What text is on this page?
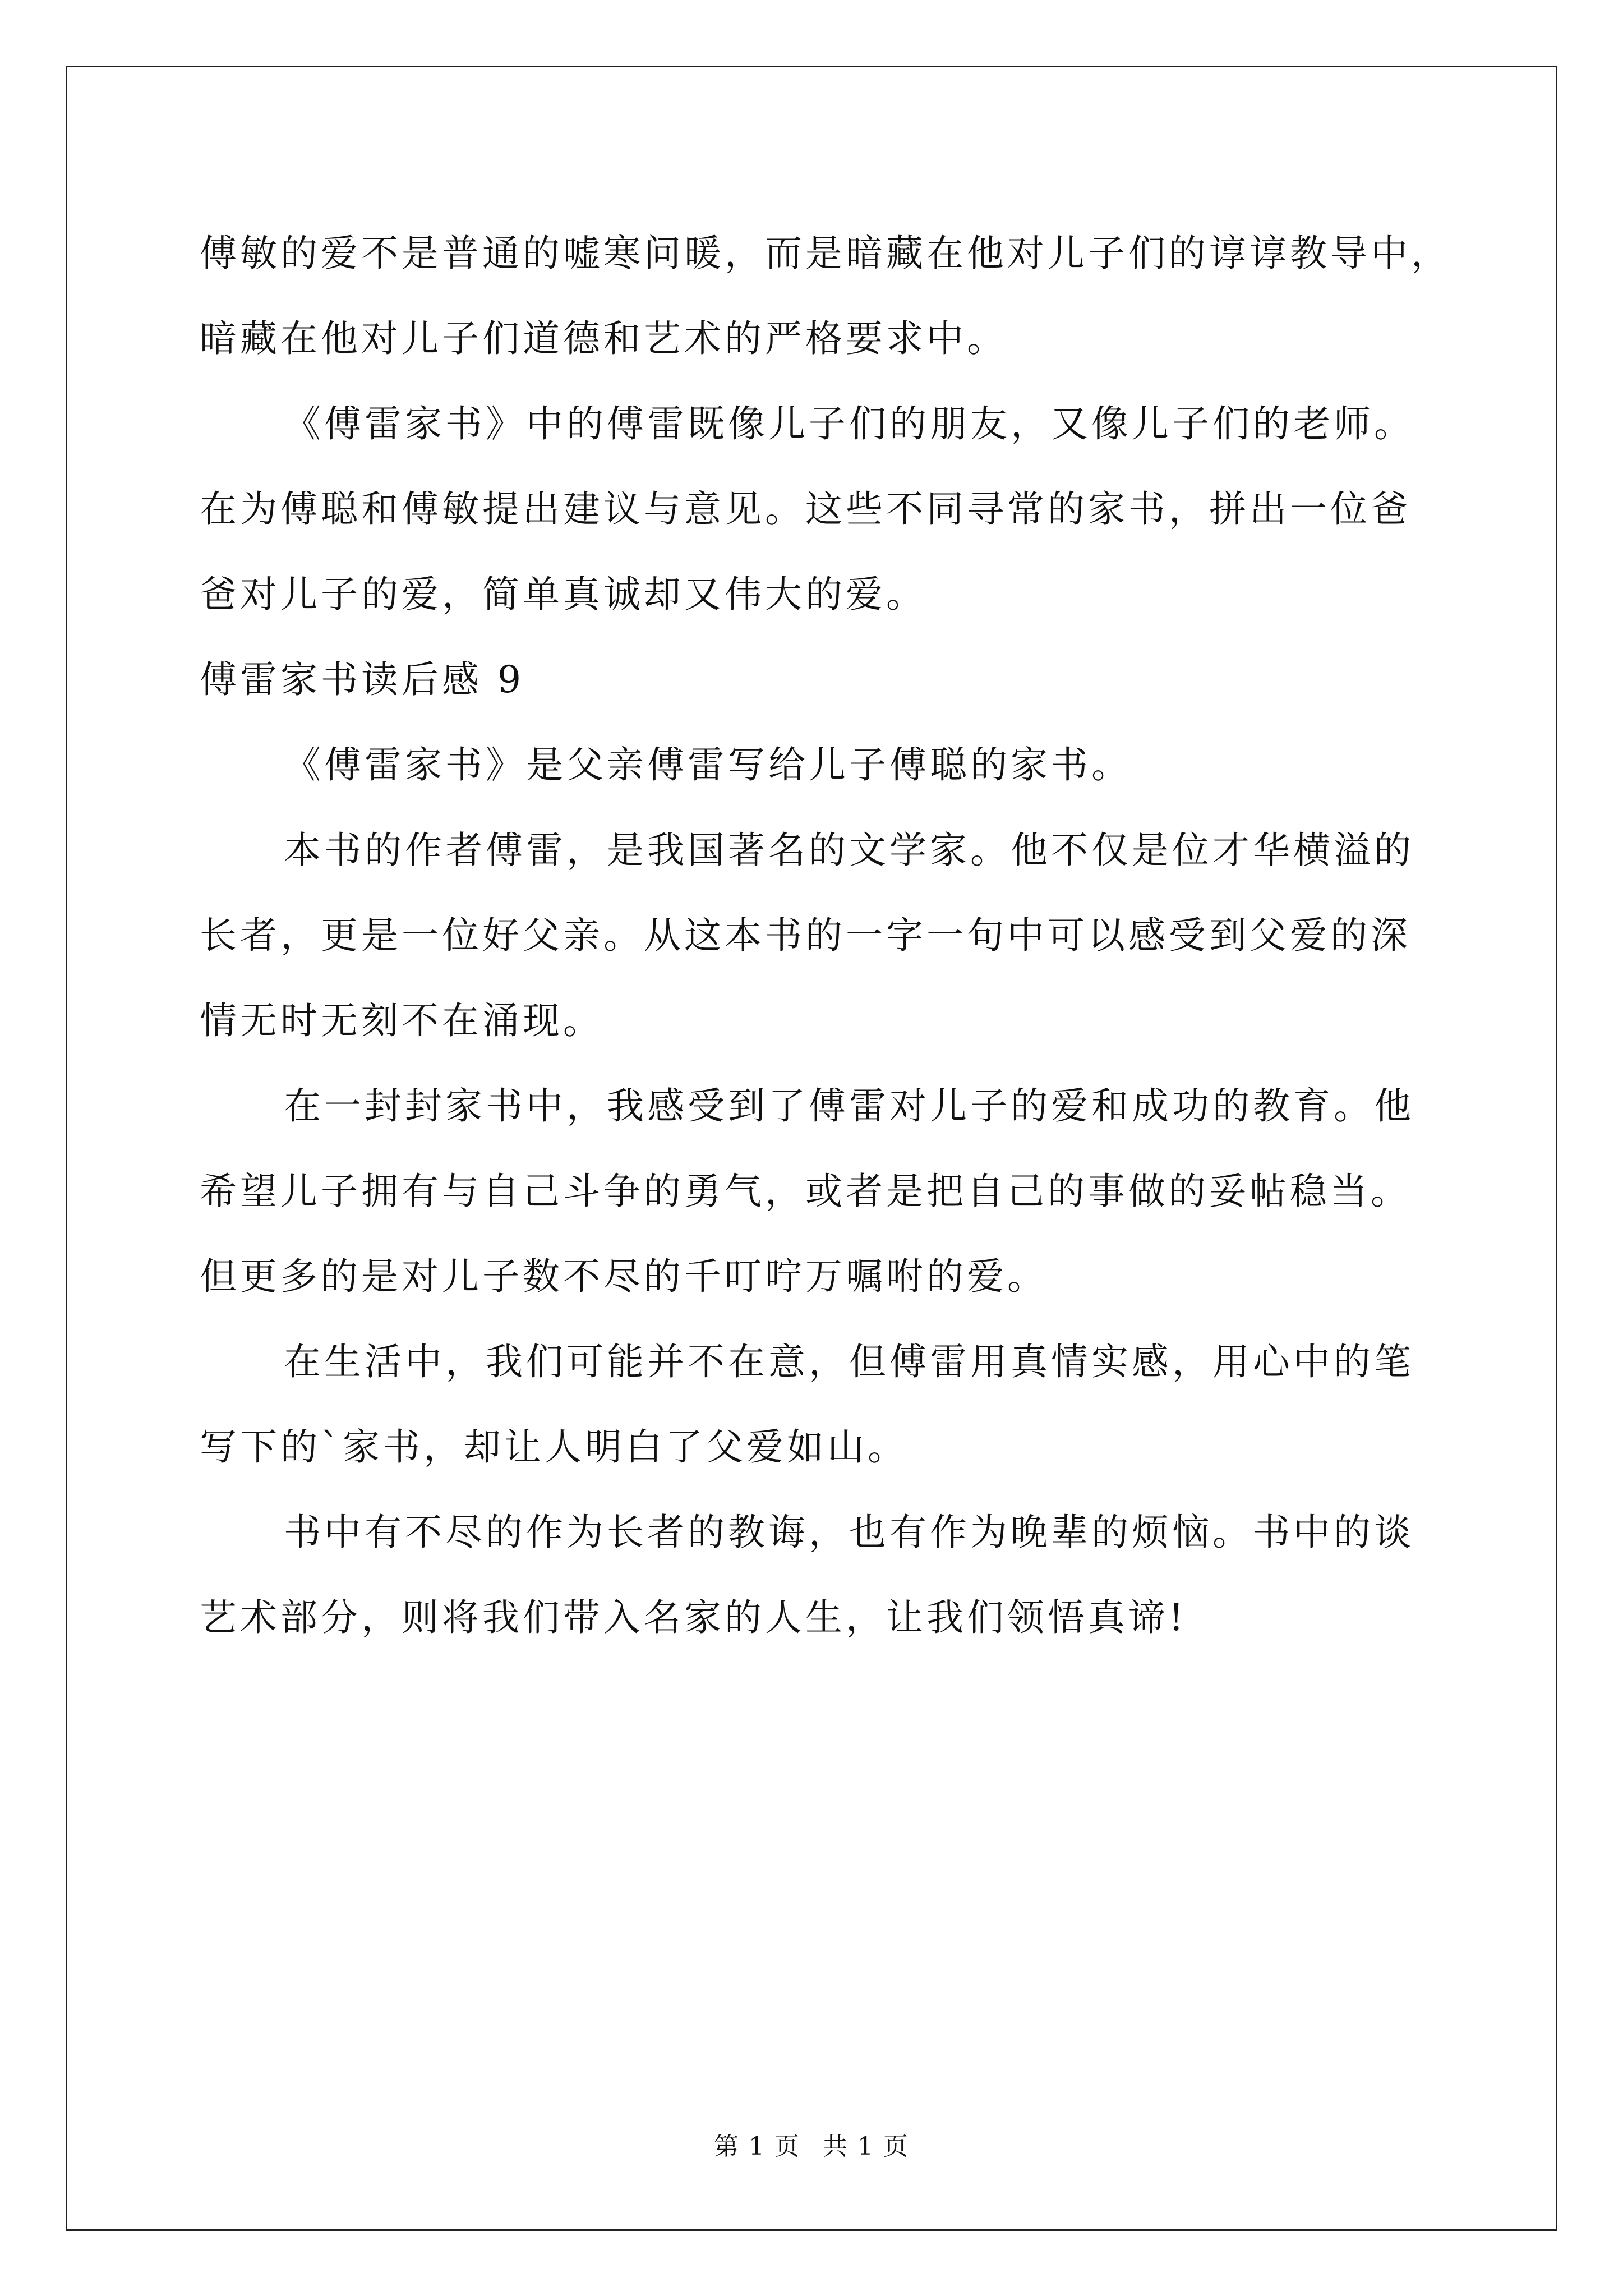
傅敏的爱不是普通的嘘寒问暖，而是暗藏在他对儿子们的谆谆教导中，
暗藏在他对儿子们道德和艺术的严格要求中。
《傅雷家书》中的傅雷既像儿子们的朋友，又像儿子们的老师。
在为傅聪和傅敏提出建议与意见。这些不同寻常的家书，拼出一位爸
爸对儿子的爱，简单真诚却又伟大的爱。
傅雷家书读后感 9
《傅雷家书》是父亲傅雷写给儿子傅聪的家书。
本书的作者傅雷，是我国著名的文学家。他不仅是位才华横溢的
长者，更是一位好父亲。从这本书的一字一句中可以感受到父爱的深
情无时无刻不在涌现。
在一封封家书中，我感受到了傅雷对儿子的爱和成功的教育。他
希望儿子拥有与自己斗争的勇气，或者是把自己的事做的妥帖稳当。
但更多的是对儿子数不尽的千叮咛万嘱咐的爱。
在生活中，我们可能并不在意，但傅雷用真情实感，用心中的笔
写下的`家书，却让人明白了父爱如山。
书中有不尽的作为长者的教诲，也有作为晚辈的烦恼。书中的谈
艺术部分，则将我们带入名家的人生，让我们领悟真谛!
第 1 页 共 1 页
